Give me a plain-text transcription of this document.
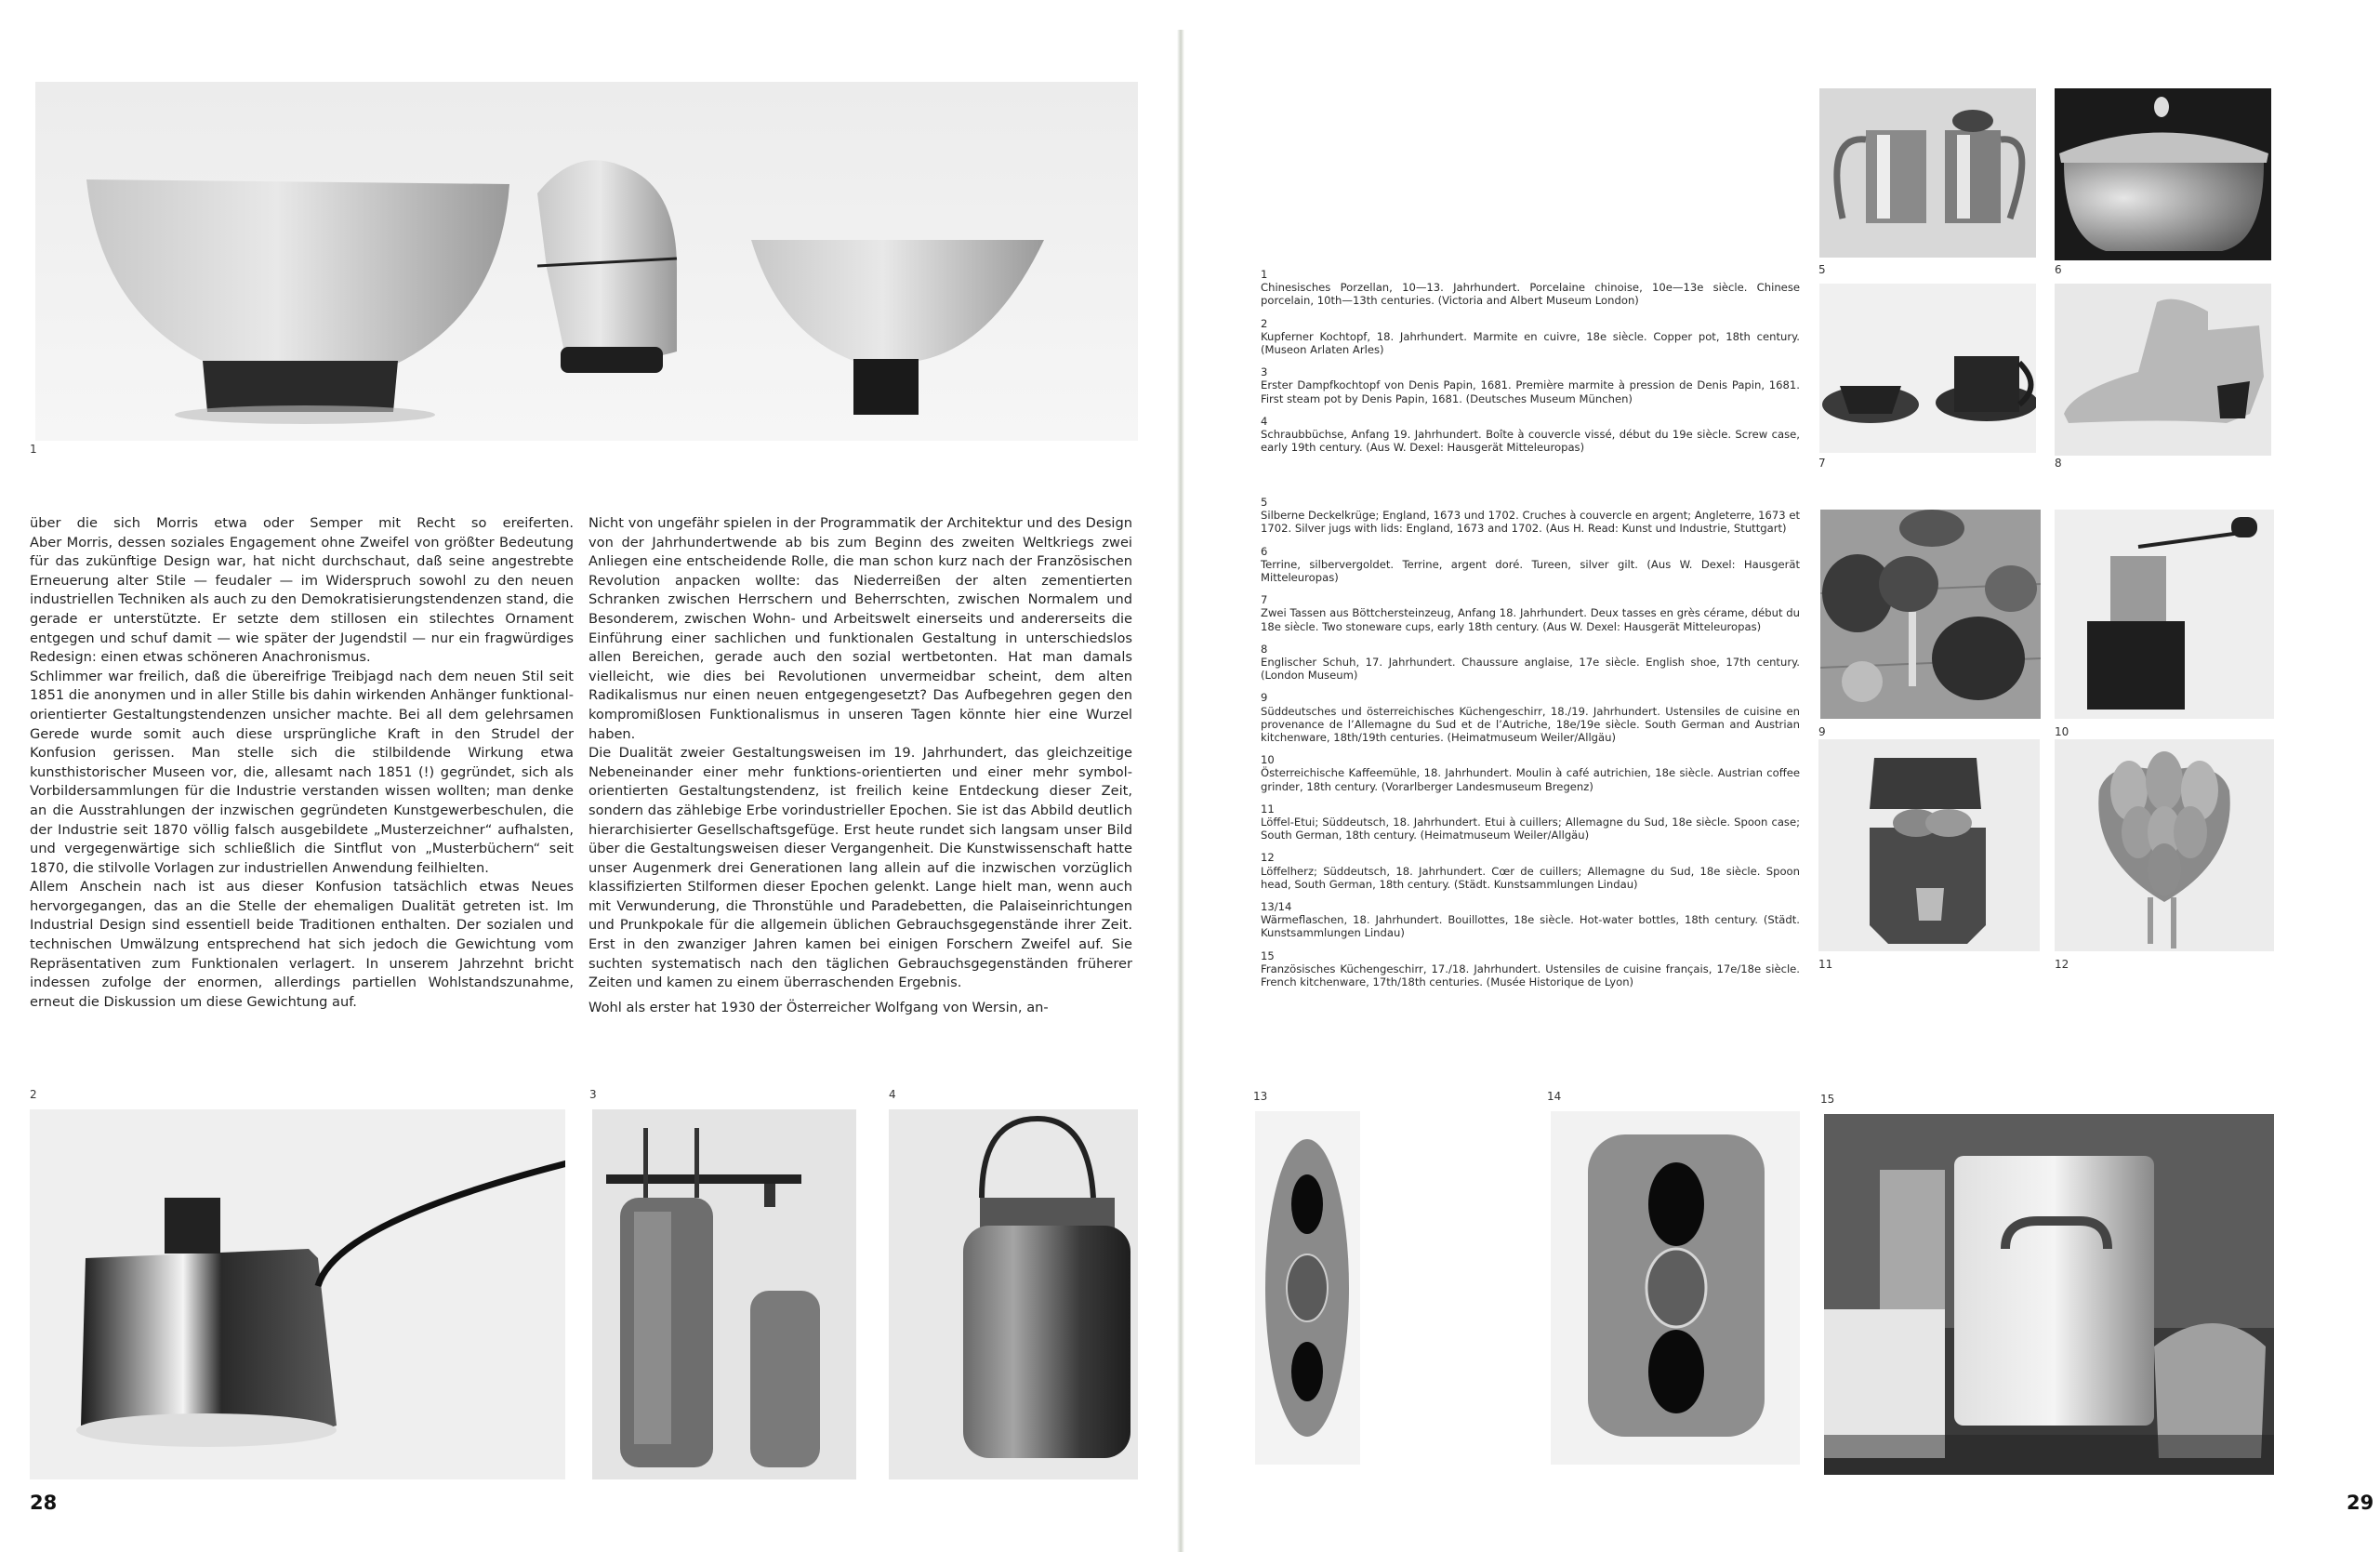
1

über die sich Morris etwa oder Semper mit Recht so ereiferten.

Aber Morris, dessen soziales Engagement ohne Zweifel von größter Bedeutung für das zukünftige Design war, hat nicht durchschaut, daß seine angestrebte Erneuerung alter Stile — feudaler — im Widerspruch sowohl zu den neuen industriellen Techniken als auch zu den Demokratisierungstendenzen stand, die gerade er unterstützte. Er setzte dem stillosen ein stilechtes Ornament entgegen und schuf damit — wie später der Jugendstil — nur ein fragwürdiges Redesign: einen etwas schöneren Anachronismus.

Schlimmer war freilich, daß die übereifrige Treibjagd nach dem neuen Stil seit 1851 die anonymen und in aller Stille bis dahin wirkenden Anhänger funktional-orientierter Gestaltungstendenzen unsicher machte. Bei all dem gelehrsamen Gerede wurde somit auch diese ursprüngliche Kraft in den Strudel der Konfusion gerissen. Man stelle sich die stilbildende Wirkung etwa kunsthistorischer Museen vor, die, allesamt nach 1851 (!) gegründet, sich als Vorbildersammlungen für die Industrie verstanden wissen wollten; man denke an die Ausstrahlungen der inzwischen gegründeten Kunstgewerbeschulen, die der Industrie seit 1870 völlig falsch ausgebildete „Musterzeichner“ aufhalsten, und vergegenwärtige sich schließlich die Sintflut von „Musterbüchern“ seit 1870, die stilvolle Vorlagen zur industriellen Anwendung feilhielten.

Allem Anschein nach ist aus dieser Konfusion tatsächlich etwas Neues hervorgegangen, das an die Stelle der ehemaligen Dualität getreten ist. Im Industrial Design sind essentiell beide Traditionen enthalten. Der sozialen und technischen Umwälzung entsprechend hat sich jedoch die Gewichtung vom Repräsentativen zum Funktionalen verlagert. In unserem Jahrzehnt bricht indessen zufolge der enormen, allerdings partiellen Wohlstandszunahme, erneut die Diskussion um diese Gewichtung auf.

Nicht von ungefähr spielen in der Programmatik der Architektur und des Design von der Jahrhundertwende ab bis zum Beginn des zweiten Weltkriegs zwei Anliegen eine entscheidende Rolle, die man schon kurz nach der Französischen Revolution anpacken wollte: das Niederreißen der alten zementierten Schranken zwischen Herrschern und Beherrschten, zwischen Normalem und Besonderem, zwischen Wohn- und Arbeitswelt einerseits und andererseits die Einführung einer sachlichen und funktionalen Gestaltung in unterschiedslos allen Bereichen, gerade auch den sozial wertbetonten. Hat man damals vielleicht, wie dies bei Revolutionen unvermeidbar scheint, dem alten Radikalismus nur einen neuen entgegengesetzt? Das Aufbegehren gegen den kompromißlosen Funktionalismus in unseren Tagen könnte hier eine Wurzel haben.

Die Dualität zweier Gestaltungsweisen im 19. Jahrhundert, das gleichzeitige Nebeneinander einer mehr funktions-orientierten und einer mehr symbol-orientierten Gestaltungstendenz, ist freilich keine Entdeckung dieser Zeit, sondern das zählebige Erbe vorindustrieller Epochen. Sie ist das Abbild deutlich hierarchisierter Gesellschaftsgefüge. Erst heute rundet sich langsam unser Bild über die Gestaltungsweisen dieser Vergangenheit. Die Kunstwissenschaft hatte unser Augenmerk drei Generationen lang allein auf die inzwischen vorzüglich klassifizierten Stilformen dieser Epochen gelenkt. Lange hielt man, wenn auch mit Verwunderung, die Thronstühle und Paradebetten, die Palaiseinrichtungen und Prunkpokale für die allgemein üblichen Gebrauchsgegenstände ihrer Zeit. Erst in den zwanziger Jahren kamen bei einigen Forschern Zweifel auf. Sie suchten systematisch nach den täglichen Gebrauchsgegenständen früherer Zeiten und kamen zu einem überraschenden Ergebnis.

Wohl als erster hat 1930 der Österreicher Wolfgang von Wersin, an-

2	3	4
28
1
Chinesisches Porzellan, 10—13. Jahrhundert. Porcelaine chinoise, 10e—13e siècle. Chinese porcelain, 10th—13th centuries. (Victoria and Albert Museum London)
2
Kupferner Kochtopf, 18. Jahrhundert. Marmite en cuivre, 18e siècle. Copper pot, 18th century. (Museon Arlaten Arles)
3
Erster Dampfkochtopf von Denis Papin, 1681. Première marmite à pression de Denis Papin, 1681. First steam pot by Denis Papin, 1681. (Deutsches Museum München)
4
Schraubbüchse, Anfang 19. Jahrhundert. Boîte à couvercle vissé, début du 19e siècle. Screw case, early 19th century. (Aus W. Dexel: Hausgerät Mitteleuropas)
5
Silberne Deckelkrüge; England, 1673 und 1702. Cruches à couvercle en argent; Angleterre, 1673 et 1702. Silver jugs with lids: England, 1673 and 1702. (Aus H. Read: Kunst und Industrie, Stuttgart)
6
Terrine, silbervergoldet. Terrine, argent doré. Tureen, silver gilt. (Aus W. Dexel: Hausgerät Mitteleuropas)
7
Zwei Tassen aus Böttchersteinzeug, Anfang 18. Jahrhundert. Deux tasses en grès cérame, début du 18e siècle. Two stoneware cups, early 18th century. (Aus W. Dexel: Hausgerät Mitteleuropas)
8
Englischer Schuh, 17. Jahrhundert. Chaussure anglaise, 17e siècle. English shoe, 17th century. (London Museum)
9
Süddeutsches und österreichisches Küchengeschirr, 18./19. Jahrhundert. Ustensiles de cuisine en provenance de l’Allemagne du Sud et de l’Autriche, 18e/19e siècle. South German and Austrian kitchenware, 18th/19th centuries. (Heimatmuseum Weiler/Allgäu)
10
Österreichische Kaffeemühle, 18. Jahrhundert. Moulin à café autrichien, 18e siècle. Austrian coffee grinder, 18th century. (Vorarlberger Landesmuseum Bregenz)
11
Löffel-Etui; Süddeutsch, 18. Jahrhundert. Etui à cuillers; Allemagne du Sud, 18e siècle. Spoon case; South German, 18th century. (Heimatmuseum Weiler/Allgäu)
12
Löffelherz; Süddeutsch, 18. Jahrhundert. Cœr de cuillers; Allemagne du Sud, 18e siècle. Spoon head, South German, 18th century. (Städt. Kunstsammlungen Lindau)
13/14
Wärmeflaschen, 18. Jahrhundert. Bouillottes, 18e siècle. Hot-water bottles, 18th century. (Städt. Kunstsammlungen Lindau)
15
Französisches Küchengeschirr, 17./18. Jahrhundert. Ustensiles de cuisine français, 17e/18e siècle. French kitchenware, 17th/18th centuries. (Musée Historique de Lyon)
5	6
7	8
9	10
11	12
13	14	15
29
